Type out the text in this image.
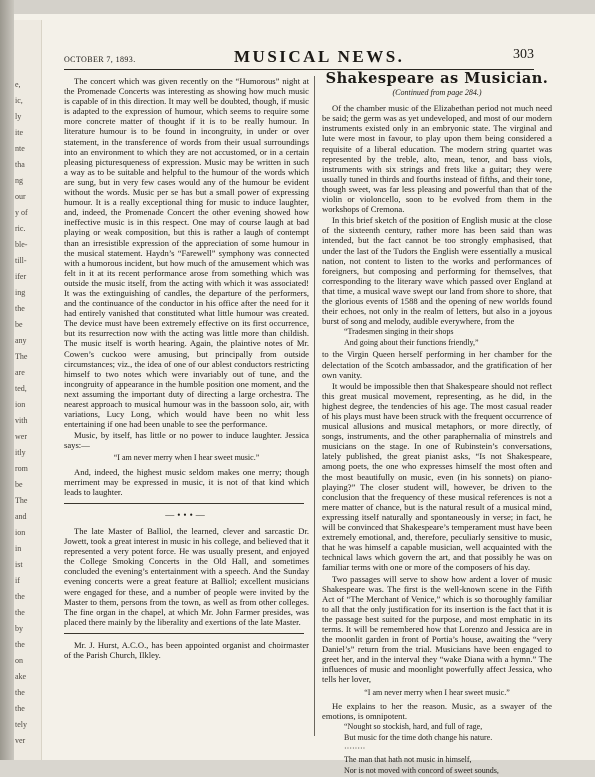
e,
ic,
ly
ite
nte
tha
ng
our
y of
ric.
ble-
till-
ifer
ing
the
be
any
The
are
ted,
ion
vith
wer
itly
rom
be
The
and
ion
in
ist
if
the
the
by
the
on
ake
the
the
tely
ver
OCTOBER 7, 1893.	MUSICAL NEWS.	303

The concert which was given recently on the “Humorous” night at the Promenade Concerts was interesting as showing how much music is capable of in this direction. It may well be doubted, though, if music is adapted to the expression of humour, which seems to require some more concrete matter of thought if it is to be really humour. In literature humour is to be found in incongruity, in under or over statement, in the transference of words from their usual surroundings into an environment to which they are not accustomed, or in a certain pleasing picturesqueness of expression. Music may be written in such a way as to be suitable and helpful to the humour of the words which are sung, but in very few cases would any of the humour be evident without the words. Music per se has but a small power of expressing humour. It is a really exceptional thing for music to induce laughter, and, indeed, the Promenade Concert the other evening showed how ineffective music is in this respect. One may of course laugh at bad playing or weak composition, but this is rather a laugh of contempt than an irresistible expression of the appreciation of some humour in the musical statement. Haydn’s “Farewell” symphony was connected with a humorous incident, but how much of the amusement which was felt in it at its recent performance arose from something which was outside the music itself, from the acting with which it was associated! It was the extinguishing of candles, the departure of the performers, and the continuance of the conductor in his office after the need for it had entirely vanished that constituted what little humour was created. The device must have been extremely effective on its first occurrence, but its resurrection now with the acting was little more than childish. The music itself is worth hearing. Again, the plaintive notes of Mr. Cowen’s cuckoo were amusing, but principally from outside circumstances; viz., the idea of one of our ablest conductors restricting himself to two notes which were invariably out of tune, and the incongruity of appearance in the humble position one moment, and the next assuming the important duty of directing a large orchestra. The nearest approach to musical humour was in the bassoon solo, air, with variations, Lucy Long, which would have been no whit less entertaining if one had been unable to see the performance.

Music, by itself, has little or no power to induce laughter. Jessica says:—

“I am never merry when I hear sweet music.”

And, indeed, the highest music seldom makes one merry; though merriment may be expressed in music, it is not of that kind which leads to laughter.

—•••—

The late Master of Balliol, the learned, clever and sarcastic Dr. Jowett, took a great interest in music in his college, and believed that it represented a very potent force. He was usually present, and enjoyed the College Smoking Concerts in the Old Hall, and sometimes concluded the evening’s entertainment with a speech. And the Sunday evening concerts were a great feature at Balliol; excellent musicians were engaged for these, and a number of people were invited by the Master to them, persons from the town, as well as from other colleges. The fine organ in the chapel, at which Mr. John Farmer presides, was placed there mainly by the liberality and exertions of the late Master.

Mr. J. Hurst, A.C.O., has been appointed organist and choirmaster of the Parish Church, Ilkley.

Shakespeare as Musician.

(Continued from page 284.)

Of the chamber music of the Elizabethan period not much need be said; the germ was as yet undeveloped, and most of our modern instruments existed only in an embryonic state. The virginal and lute were most in favour, to play upon them being considered a requisite of a liberal education. The modern string quartet was represented by the treble, alto, mean, tenor, and bass viols, instruments with six strings and frets like a guitar; they were usually tuned in thirds and fourths instead of fifths, and their tone, though sweet, was far less pleasing and powerful than that of the violin or violoncello, soon to be evolved from them in the workshops of Cremona.

In this brief sketch of the position of English music at the close of the sixteenth century, rather more has been said than was intended, but the fact cannot be too strongly emphasised, that under the last of the Tudors the English were essentially a musical nation, not content to listen to the works and performances of foreigners, but composing and performing for themselves, that corresponding to the literary wave which passed over England at that time, a musical wave swept our land from shore to shore, that the glorious events of 1588 and the opening of new worlds found their echoes, not only in the realm of letters, but also in a joyous burst of song and melody, audible everywhere, from the

“Tradesmen singing in their shops

And going about their functions friendly,”

to the Virgin Queen herself performing in her chamber for the delectation of the Scotch ambassador, and the gratification of her own vanity.

It would be impossible then that Shakespeare should not reflect this great musical movement, representing, as he did, in the highest degree, the tendencies of his age. The most casual reader of his plays must have been struck with the frequent occurrence of musical allusions and musical metaphors, or more directly, of songs, instruments, and the other paraphernalia of minstrels and musicians on the stage. In one of Rubinstein’s conversations, lately published, the great pianist asks, “Is not Shakespeare, among poets, the one who expresses himself the most often and the most beautifully on music, even (in his sonnets) on piano-playing?” The closer student will, however, be driven to the conclusion that the frequency of these musical references is not a mere matter of chance, but is the natural result of a musical mind, expressing itself naturally and spontaneously in verse; in fact, he will be convinced that Shakespeare’s temperament must have been extremely emotional, and, therefore, peculiarly sensitive to music, that he was himself a capable musician, well acquainted with the technical laws which govern the art, and that possibly he was on familiar terms with one or more of the composers of his day.

Two passages will serve to show how ardent a lover of music Shakespeare was. The first is the well-known scene in the Fifth Act of “The Merchant of Venice,” which is so thoroughly familiar to all that the only justification for its insertion is the fact that it is the passage best suited for the purpose, and most emphatic in its terms. It will be remembered how that Lorenzo and Jessica are in the moonlit garden in front of Portia’s house, awaiting the “very Daniel’s” return from the trial. Musicians have been engaged to greet her, and in the interval they “wake Diana with a hymn.” The influences of music and moonlight powerfully affect Jessica, who tells her lover,

“I am never merry when I hear sweet music.”

He explains to her the reason. Music, as a swayer of the emotions, is omnipotent.

“Nought so stockish, hard, and full of rage,

But music for the time doth change his nature.

········

The man that hath not music in himself,

Nor is not moved with concord of sweet sounds,
